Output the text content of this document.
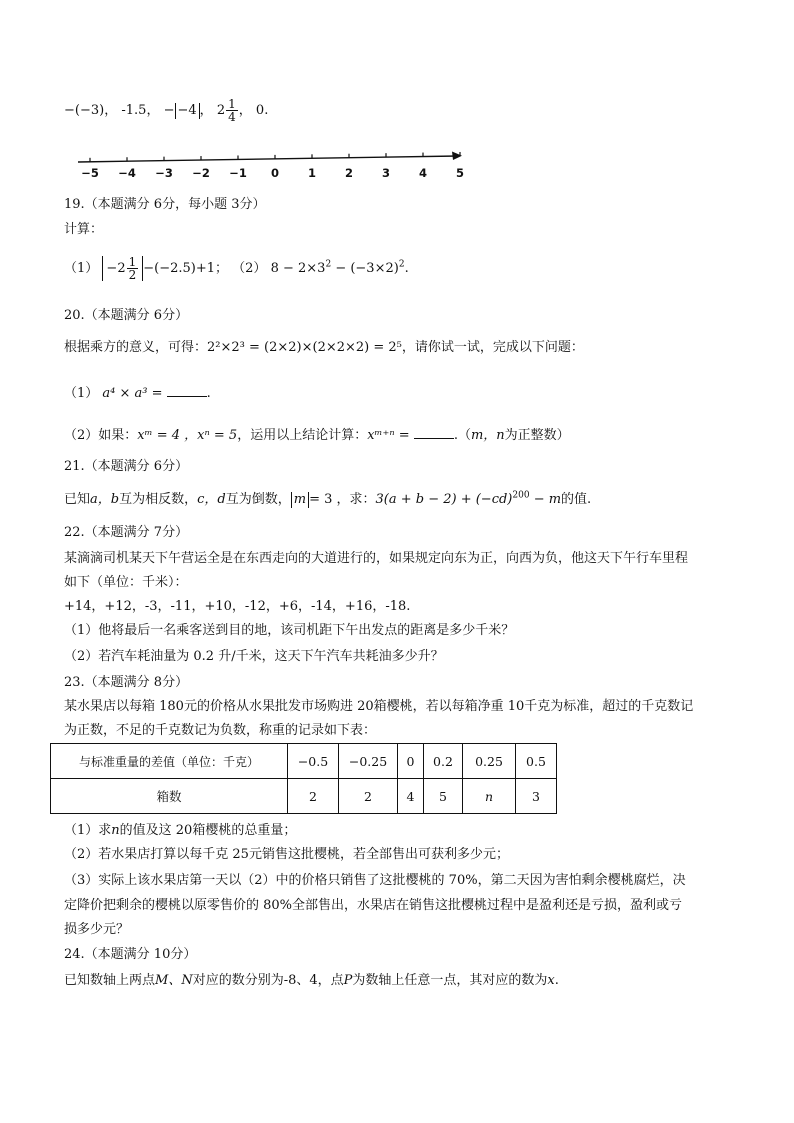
−(−3)， -1.5， − −4 ， $2 \frac{1}{4}$ ， 0.
−5 −4 −3 −2 −1 0	1	2	3	4	5
19.（本题满分 6分，每小题 3分）
计算：
$(1) -2 \frac{1}{2} -(-2.5)+1$； （2） $8 - 2\times 3^2 - (-3\times 2)^2$.
20.（本题满分 6分）
根据乘方的意义，可得：2²×2³ = (2×2)×(2×2×2) = 2⁵，请你试一试，完成以下问题：
（1） a⁴ × a³ =	.
（2）如果：xᵐ = 4 ，xⁿ = 5，运用以上结论计算：xᵐ⁺ⁿ =	.（m，n为正整数）
21.（本题满分 6分）
已知a，b互为相反数，c，d互为倒数， m = 3 ，求：$3(a + b - 2) + (-cd)^{200} - m$的值.
22.（本题满分 7分）
某滴滴司机某天下午营运全是在东西走向的大道进行的，如果规定向东为正，向西为负，他这天下午行车里程
如下（单位：千米）：
+14，+12，-3，-11，+10，-12，+6，-14，+16，-18.
（1）他将最后一名乘客送到目的地，该司机距下午出发点的距离是多少千米？
（2）若汽车耗油量为 0.2 升/千米，这天下午汽车共耗油多少升？
23.（本题满分 8分）
某水果店以每箱 180元的价格从水果批发市场购进 20箱樱桃，若以每箱净重 10千克为标准，超过的千克数记
为正数，不足的千克数记为负数，称重的记录如下表：
与标准重量的差值（单位：千克）	−0.5	−0.25	0	0.2	0.25	0.5
箱数	2	2	4	5	n	3
（1）求n的值及这 20箱樱桃的总重量；
（2）若水果店打算以每千克 25元销售这批樱桃，若全部售出可获利多少元；
（3）实际上该水果店第一天以（2）中的价格只销售了这批樱桃的 70%，第二天因为害怕剩余樱桃腐烂，决
定降价把剩余的樱桃以原零售价的 80%全部售出，水果店在销售这批樱桃过程中是盈利还是亏损，盈利或亏
损多少元？
24.（本题满分 10分）
已知数轴上两点M、N对应的数分别为-8、4，点P为数轴上任意一点，其对应的数为x.
